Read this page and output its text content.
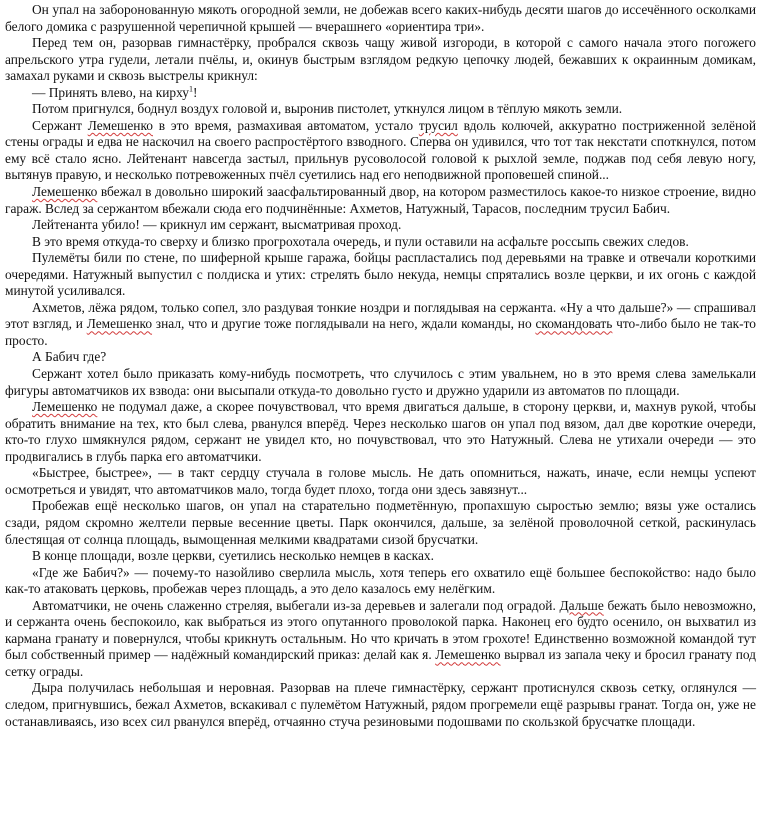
Он упал на заборонованную мякоть огородной земли, не добежав всего каких-нибудь десяти шагов до иссечённого осколками белого домика с разрушенной черепичной крышей — вчерашнего «ориентира три».

Перед тем он, разорвав гимнастёрку, пробрался сквозь чащу живой изгороди, в которой с самого начала этого погожего апрельского утра гудели, летали пчёлы, и, окинув быстрым взглядом редкую цепочку людей, бежавших к окраинным домикам, замахал руками и сквозь выстрелы крикнул:

— Принять влево, на кирху$^1$!

Потом пригнулся, боднул воздух головой и, выронив пистолет, уткнулся лицом в тёплую мякоть земли.

Сержант Лемешенко в это время, размахивая автоматом, устало трусил вдоль колючей, аккуратно постриженной зелёной стены ограды и едва не наскочил на своего распростёртого взводного. Сперва он удивился, что тот так некстати споткнулся, потом ему всё стало ясно. Лейтенант навсегда застыл, прильнув русоволосой головой к рыхлой земле, поджав под себя левую ногу, вытянув правую, и несколько потревоженных пчёл суетились над его неподвижной проповешей спиной...

Лемешенко вбежал в довольно широкий заасфальтированный двор, на котором разместилось какое-то низкое строение, видно гараж. Вслед за сержантом вбежали сюда его подчинённые: Ахметов, Натужный, Тарасов, последним трусил Бабич.

Лейтенанта убило! — крикнул им сержант, высматривая проход.

В это время откуда-то сверху и близко прогрохотала очередь, и пули оставили на асфальте россыпь свежих следов.

Пулемёты били по стене, по шиферной крыше гаража, бойцы распластались под деревьями на травке и отвечали короткими очередями. Натужный выпустил с полдиска и утих: стрелять было некуда, немцы спрятались возле церкви, и их огонь с каждой минутой усиливался.

Ахметов, лёжа рядом, только сопел, зло раздувая тонкие ноздри и поглядывая на сержанта. «Ну а что дальше?» — спрашивал этот взгляд, и Лемешенко знал, что и другие тоже поглядывали на него, ждали команды, но скомандовать что-либо было не так-то просто.

А Бабич где?

Сержант хотел было приказать кому-нибудь посмотреть, что случилось с этим увальнем, но в это время слева замелькали фигуры автоматчиков их взвода: они высыпали откуда-то довольно густо и дружно ударили из автоматов по площади.

Лемешенко не подумал даже, а скорее почувствовал, что время двигаться дальше, в сторону церкви, и, махнув рукой, чтобы обратить внимание на тех, кто был слева, рванулся вперёд. Через несколько шагов он упал под вязом, дал две короткие очереди, кто-то глухо шмякнулся рядом, сержант не увидел кто, но почувствовал, что это Натужный. Слева не утихали очереди — это продвигались в глубь парка его автоматчики.

«Быстрее, быстрее», — в такт сердцу стучала в голове мысль. Не дать опомниться, нажать, иначе, если немцы успеют осмотреться и увидят, что автоматчиков мало, тогда будет плохо, тогда они здесь завязнут...

Пробежав ещё несколько шагов, он упал на старательно подметённую, пропахшую сыростью землю; вязы уже остались сзади, рядом скромно желтели первые весенние цветы. Парк окончился, дальше, за зелёной проволочной сеткой, раскинулась блестящая от солнца площадь, вымощенная мелкими квадратами сизой брусчатки.

В конце площади, возле церкви, суетились несколько немцев в касках.

«Где же Бабич?» — почему-то назойливо сверлила мысль, хотя теперь его охватило ещё большее беспокойство: надо было как-то атаковать церковь, пробежав через площадь, а это дело казалось ему нелёгким.

Автоматчики, не очень слаженно стреляя, выбегали из-за деревьев и залегали под оградой. Дальше бежать было невозможно, и сержанта очень беспокоило, как выбраться из этого опутанного проволокой парка. Наконец его будто осенило, он выхватил из кармана гранату и повернулся, чтобы крикнуть остальным. Но что кричать в этом грохоте! Единственно возможной командой тут был собственный пример — надёжный командирский приказ: делай как я. Лемешенко вырвал из запала чеку и бросил гранату под сетку ограды.

Дыра получилась небольшая и неровная. Разорвав на плече гимнастёрку, сержант протиснулся сквозь сетку, оглянулся — следом, пригнувшись, бежал Ахметов, вскакивал с пулемётом Натужный, рядом прогремели ещё разрывы гранат. Тогда он, уже не останавливаясь, изо всех сил рванулся вперёд, отчаянно стуча резиновыми подошвами по скользкой брусчатке площади.
